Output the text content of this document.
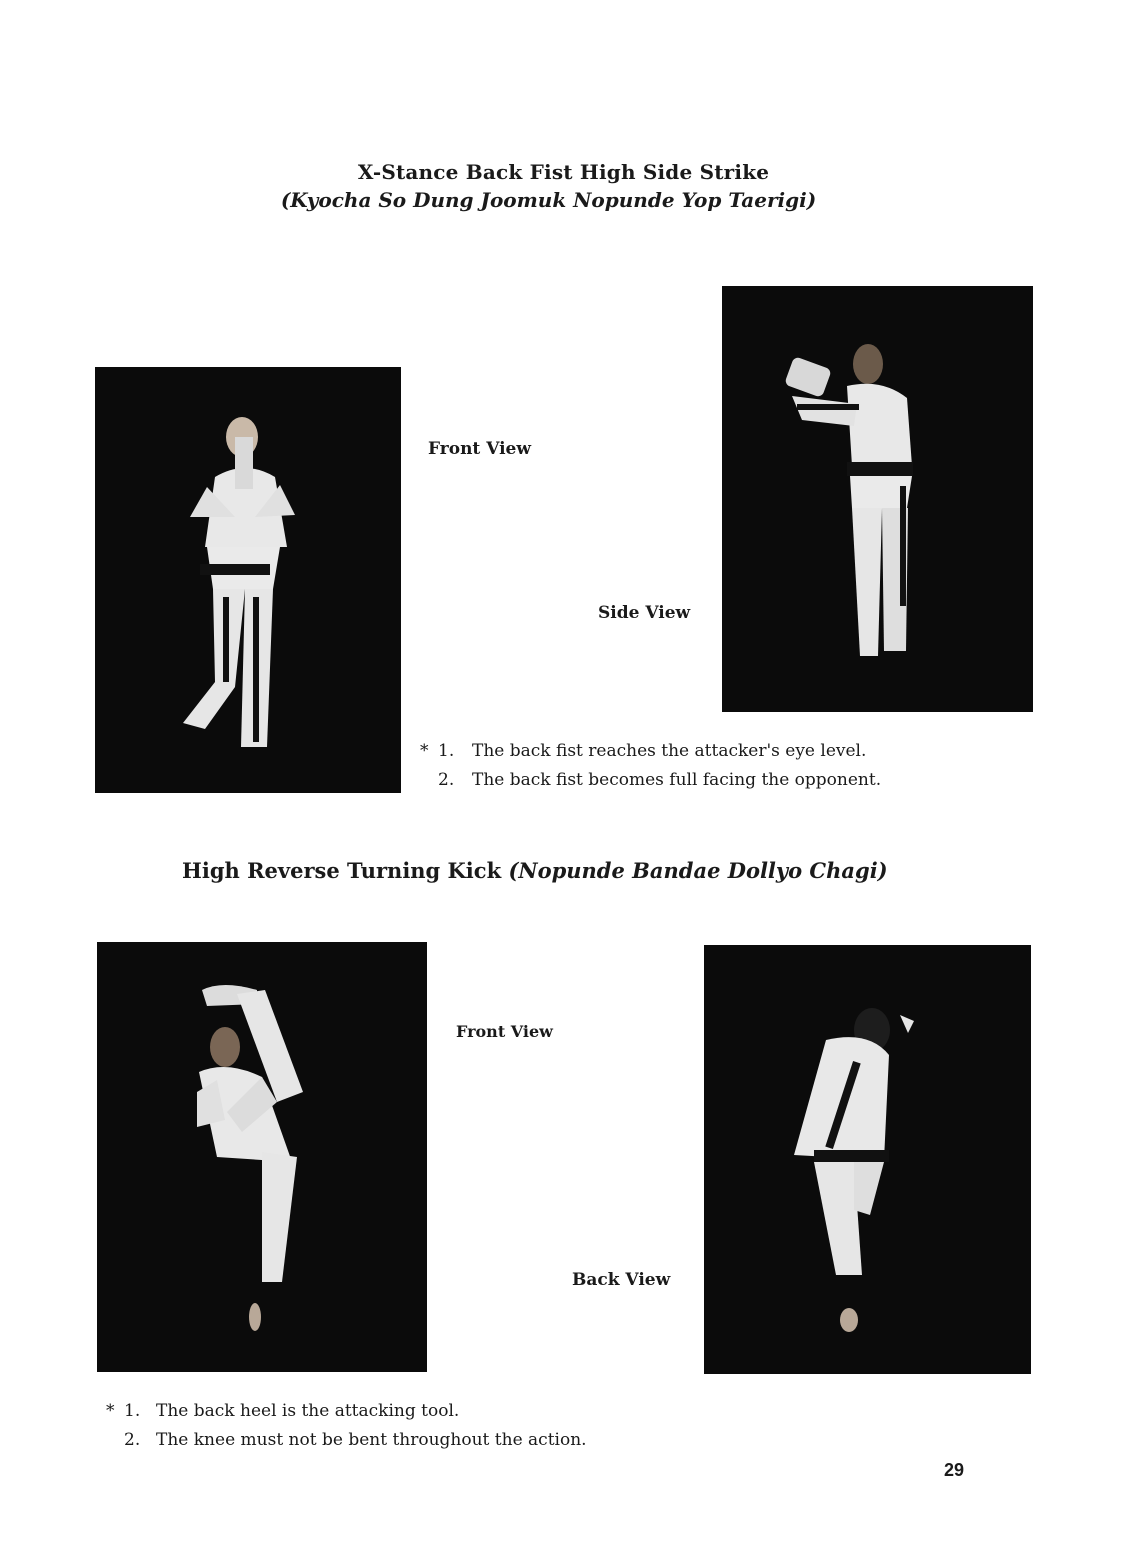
X-Stance Back Fist High Side Strike
(Kyocha So Dung Joomuk Nopunde Yop Taerigi)
Front View
Side View
* 1. The back fist reaches the attacker's eye level.
2. The back fist becomes full facing the opponent.
High Reverse Turning Kick (Nopunde Bandae Dollyo Chagi)
Front View
Back View
* 1. The back heel is the attacking tool.
2. The knee must not be bent throughout the action.
29
